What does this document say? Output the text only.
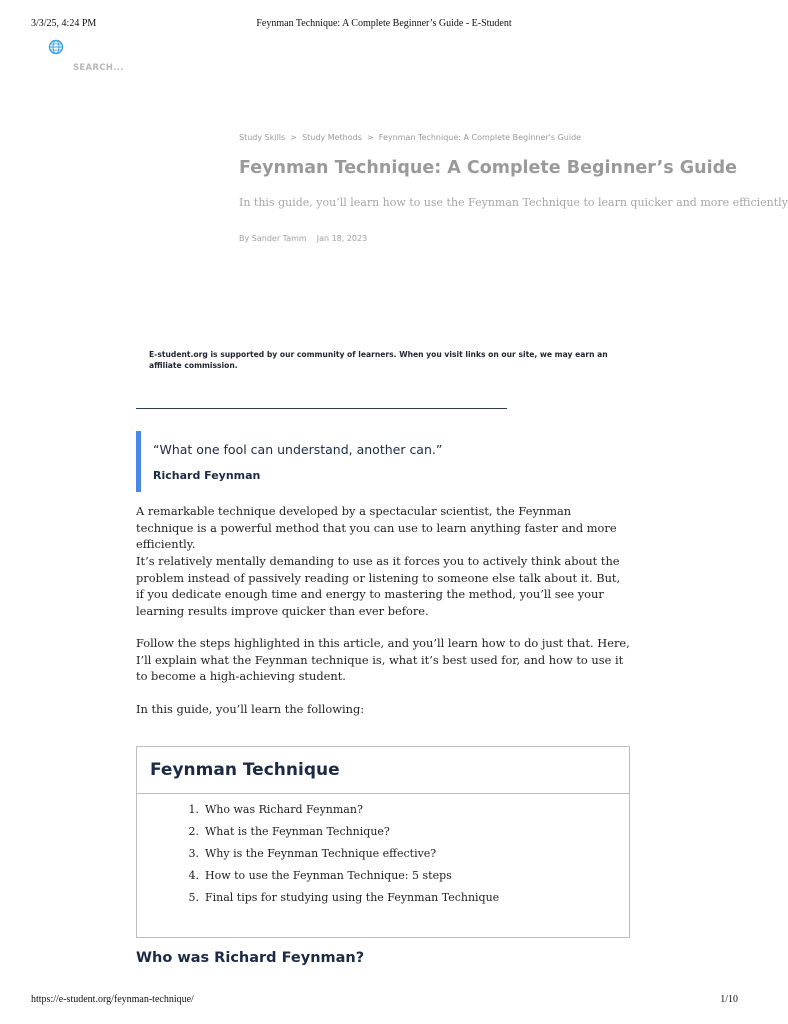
3/3/25, 4:24 PM	Feynman Technique: A Complete Beginner’s Guide - E-Student
SEARCH...
Study Skills  >  Study Methods  >  Feynman Technique: A Complete Beginner's Guide
Feynman Technique: A Complete Beginner’s Guide
In this guide, you’ll learn how to use the Feynman Technique to learn quicker and more efficiently
By Sander Tamm Jan 18, 2023
E-student.org is supported by our community of learners. When you visit links on our site, we may earn an affiliate commission.
“What one fool can understand, another can.”
Richard Feynman
A remarkable technique developed by a spectacular scientist, the Feynman technique is a powerful method that you can use to learn anything faster and more efficiently.
It’s relatively mentally demanding to use as it forces you to actively think about the problem instead of passively reading or listening to someone else talk about it. But, if you dedicate enough time and energy to mastering the method, you’ll see your learning results improve quicker than ever before.
Follow the steps highlighted in this article, and you’ll learn how to do just that. Here, I’ll explain what the Feynman technique is, what it’s best used for, and how to use it to become a high-achieving student.
In this guide, you’ll learn the following:
Feynman Technique
1. Who was Richard Feynman?
2. What is the Feynman Technique?
3. Why is the Feynman Technique effective?
4. How to use the Feynman Technique: 5 steps
5. Final tips for studying using the Feynman Technique
Who was Richard Feynman?
https://e-student.org/feynman-technique/	1/10
